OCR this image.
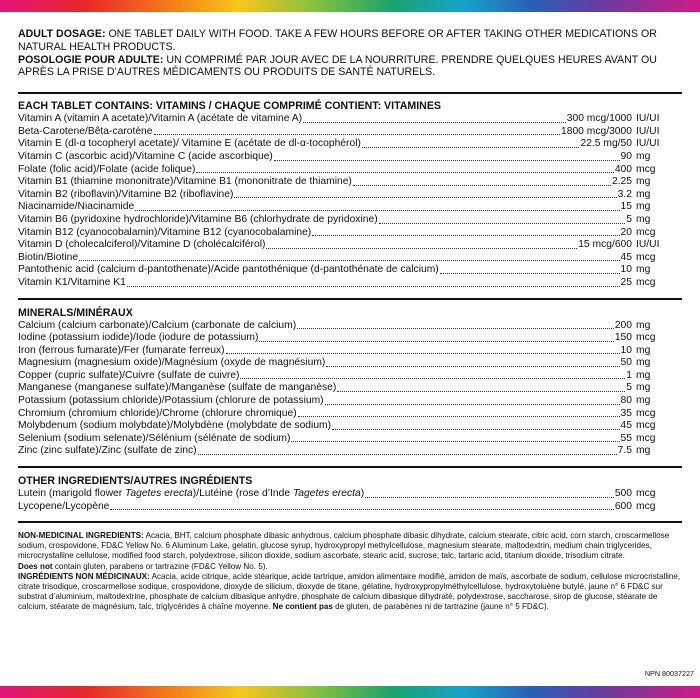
ADULT DOSAGE: ONE TABLET DAILY WITH FOOD. TAKE A FEW HOURS BEFORE OR AFTER TAKING OTHER MEDICATIONS OR NATURAL HEALTH PRODUCTS.

POSOLOGIE POUR ADULTE: UN COMPRIMÉ PAR JOUR AVEC DE LA NOURRITURE. PRENDRE QUELQUES HEURES AVANT OU APRÈS LA PRISE D’AUTRES MÉDICAMENTS OU PRODUITS DE SANTÉ NATURELS.

EACH TABLET CONTAINS: VITAMINS / CHAQUE COMPRIMÉ CONTIENT: VITAMINES
Vitamin A (vitamin A acetate)/Vitamin A (acétate de vitamine A)	300 mcg/1000 IU/UI
Beta-Carotene/Bêta-carotène	1800 mcg/3000 IU/UI
Vitamin E (dl-α tocopheryl acetate)/ Vitamine E (acétate de dl-α-tocophérol)	22.5 mg/50 IU/UI
Vitamin C (ascorbic acid)/Vitamine C (acide ascorbique)	90 mg
Folate (folic acid)/Folate (acide folique)	400 mcg
Vitamin B1 (thiamine mononitrate)/Vitamine B1 (mononitrate de thiamine)	2.25 mg
Vitamin B2 (riboflavin)/Vitamine B2 (riboflavine)	3.2 mg
Niacinamide/Niacinamide	15 mg
Vitamin B6 (pyridoxine hydrochloride)/Vitamine B6 (chlorhydrate de pyridoxine)	5 mg
Vitamin B12 (cyanocobalamin)/Vitamine B12 (cyanocobalamine)	20 mcg
Vitamin D (cholecalciferol)/Vitamine D (cholécalciférol)	15 mcg/600 IU/UI
Biotin/Biotine	45 mcg
Pantothenic acid (calcium d-pantothenate)/Acide pantothénique (d-pantothénate de calcium)	10 mg
Vitamin K1/Vitamine K1	25 mcg
MINERALS/MINÉRAUX
Calcium (calcium carbonate)/Calcium (carbonate de calcium)	200 mg
Iodine (potassium iodide)/Iode (iodure de potassium)	150 mcg
Iron (ferrous fumarate)/Fer (fumarate ferreux)	10 mg
Magnesium (magnesium oxide)/Magnésium (oxyde de magnésium)	50 mg
Copper (cupric sulfate)/Cuivre (sulfate de cuivre)	1 mg
Manganese (manganese sulfate)/Manganèse (sulfate de manganèse)	5 mg
Potassium (potassium chloride)/Potassium (chlorure de potassium)	80 mg
Chromium (chromium chloride)/Chrome (chlorure chromique)	35 mcg
Molybdenum (sodium molybdate)/Molybdène (molybdate de sodium)	45 mcg
Selenium (sodium selenate)/Sélénium (sélénate de sodium)	55 mcg
Zinc (zinc sulfate)/Zinc (sulfate de zinc)	7.5 mg
OTHER INGREDIENTS/AUTRES INGRÉDIENTS
Lutein (marigold flower Tagetes erecta)/Lutéine (rose d’Inde Tagetes erecta)	500 mcg
Lycopene/Lycopène	600 mcg

NON-MEDICINAL INGREDIENTS: Acacia, BHT, calcium phosphate dibasic anhydrous, calcium phosphate dibasic dihydrate, calcium stearate, citric acid, corn starch, croscarmellose sodium, crospovidone, FD&C Yellow No. 6 Aluminum Lake, gelatin, glucose syrup, hydroxypropyl methylcellulose, magnesium stearate, maltodextrin, medium chain triglycerides, microcrystalline cellulose, modified food starch, polydextrose, silicon dioxide, sodium ascorbate, stearic acid, sucrose, talc, tartaric acid, titanium dioxide, trisodium citrate.

Does not contain gluten, parabens or tartrazine (FD&C Yellow No. 5).

INGRÉDIENTS NON MÉDICINAUX: Acacia, acide citrique, acide stéarique, acide tartrique, amidon alimentaire modifié, amidon de maïs, ascorbate de sodium, cellulose microcristalline, citrate trisodique, croscarmellose sodique, crospovidone, dioxyde de silicium, dioxyde de titane, gélatine, hydroxypropylméthylcellulose, hydroxytoluène butylé, jaune n° 6 FD&C sur substrat d’aluminium, maltodextrine, phosphate de calcium dibasique anhydre, phosphate de calcium dibasique dihydraté, polydextrose, saccharose, sirop de glucose, stéarate de calcium, stéarate de magnésium, talc, triglycérides à chaîne moyenne. Ne contient pas de gluten, de parabènes ni de tartrazine (jaune n° 5 FD&C).

NPN 80037227
